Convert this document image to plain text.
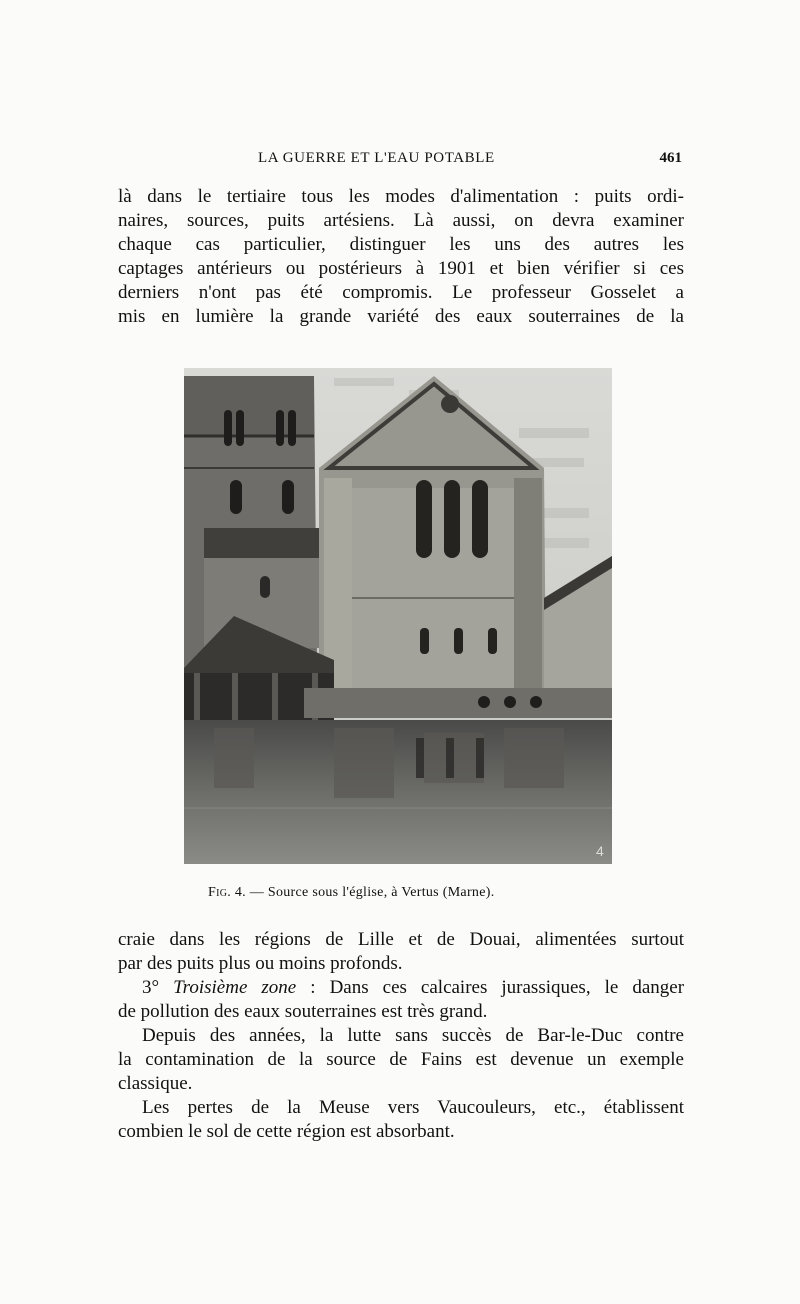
LA GUERRE ET L'EAU POTABLE	461
là dans le tertiaire tous les modes d'alimentation : puits ordi-
naires, sources, puits artésiens. Là aussi, on devra examiner
chaque cas particulier, distinguer les uns des autres les
captages antérieurs ou postérieurs à 1901 et bien vérifier si ces
derniers n'ont pas été compromis. Le professeur Gosselet a
mis en lumière la grande variété des eaux souterraines de la
4
Fig. 4. — Source sous l'église, à Vertus (Marne).
craie dans les régions de Lille et de Douai, alimentées surtout
par des puits plus ou moins profonds.
3° Troisième zone : Dans ces calcaires jurassiques, le danger
de pollution des eaux souterraines est très grand.
Depuis des années, la lutte sans succès de Bar-le-Duc contre
la contamination de la source de Fains est devenue un exemple
classique.
Les pertes de la Meuse vers Vaucouleurs, etc., établissent
combien le sol de cette région est absorbant.
